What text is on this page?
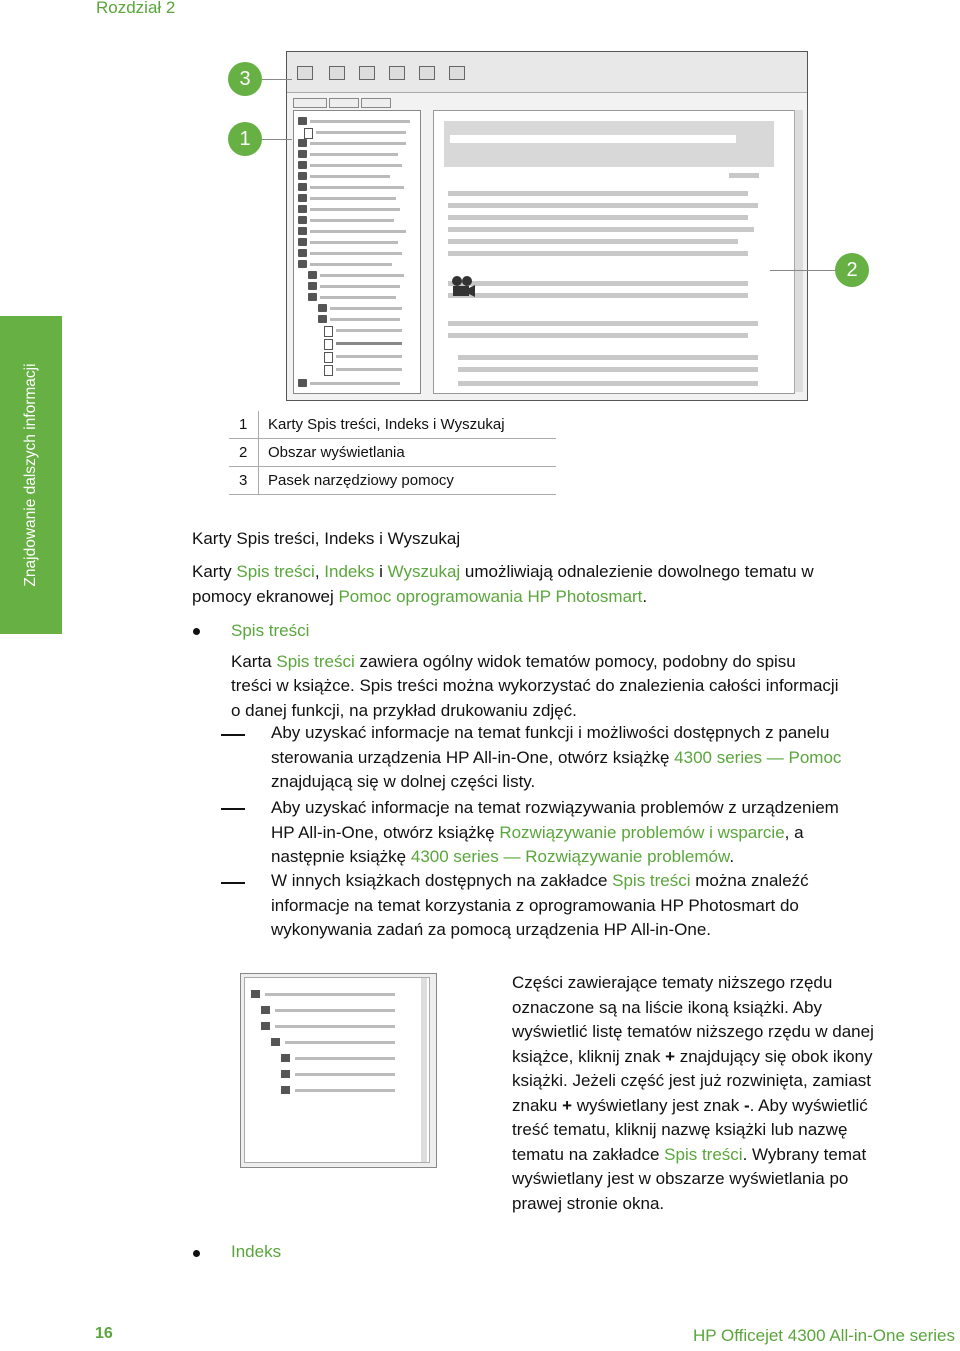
Rozdział 2
Znajdowanie dalszych informacji
3
1
2
1 Karty Spis treści, Indeks i Wyszukaj
2 Obszar wyświetlania
3 Pasek narzędziowy pomocy
Karty Spis treści, Indeks i Wyszukaj
Karty Spis treści, Indeks i Wyszukaj umożliwiają odnalezienie dowolnego tematu w
pomocy ekranowej Pomoc oprogramowania HP Photosmart.
Spis treści
Karta Spis treści zawiera ogólny widok tematów pomocy, podobny do spisu
treści w książce. Spis treści można wykorzystać do znalezienia całości informacji
o danej funkcji, na przykład drukowaniu zdjęć.
Aby uzyskać informacje na temat funkcji i możliwości dostępnych z panelu
sterowania urządzenia HP All-in-One, otwórz książkę 4300 series — Pomoc
znajdującą się w dolnej części listy.
Aby uzyskać informacje na temat rozwiązywania problemów z urządzeniem
HP All-in-One, otwórz książkę Rozwiązywanie problemów i wsparcie, a
następnie książkę 4300 series — Rozwiązywanie problemów.
W innych książkach dostępnych na zakładce Spis treści można znaleźć
informacje na temat korzystania z oprogramowania HP Photosmart do
wykonywania zadań za pomocą urządzenia HP All-in-One.
Części zawierające tematy niższego rzędu
oznaczone są na liście ikoną książki. Aby
wyświetlić listę tematów niższego rzędu w danej
książce, kliknij znak + znajdujący się obok ikony
książki. Jeżeli część jest już rozwinięta, zamiast
znaku + wyświetlany jest znak -. Aby wyświetlić
treść tematu, kliknij nazwę książki lub nazwę
tematu na zakładce Spis treści. Wybrany temat
wyświetlany jest w obszarze wyświetlania po
prawej stronie okna.
Indeks
16	HP Officejet 4300 All-in-One series
